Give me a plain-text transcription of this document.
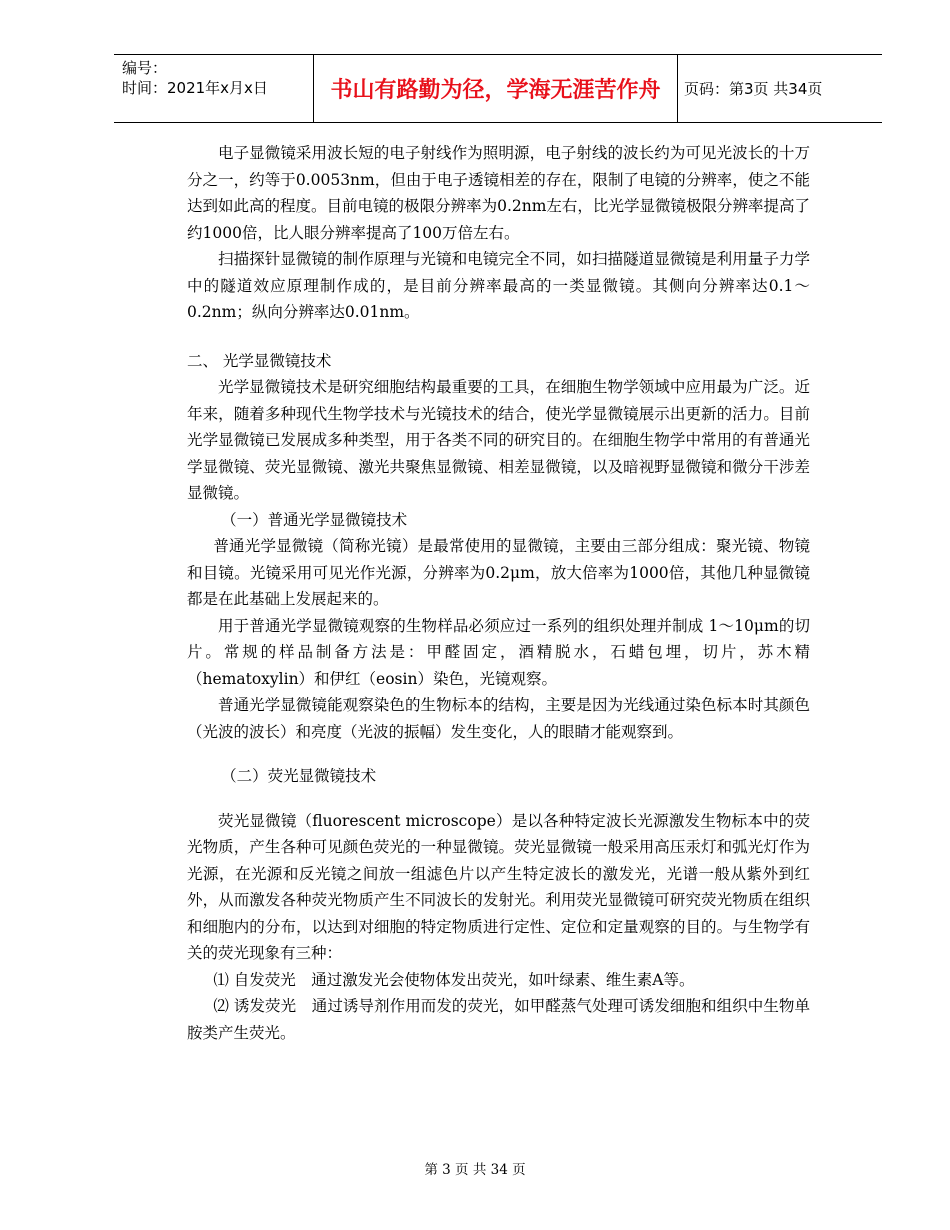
编号：
时间：2021年x月x日	书山有路勤为径，学海无涯苦作舟	页码：第3页 共34页

电子显微镜采用波长短的电子射线作为照明源，电子射线的波长约为可见光波长的十万分之一，约等于0.0053nm，但由于电子透镜相差的存在，限制了电镜的分辨率，使之不能达到如此高的程度。目前电镜的极限分辨率为0.2nm左右，比光学显微镜极限分辨率提高了约1000倍，比人眼分辨率提高了100万倍左右。

扫描探针显微镜的制作原理与光镜和电镜完全不同，如扫描隧道显微镜是利用量子力学中的隧道效应原理制作成的，是目前分辨率最高的一类显微镜。其侧向分辨率达0.1～0.2nm；纵向分辨率达0.01nm。

二、 光学显微镜技术

光学显微镜技术是研究细胞结构最重要的工具，在细胞生物学领域中应用最为广泛。近年来，随着多种现代生物学技术与光镜技术的结合，使光学显微镜展示出更新的活力。目前光学显微镜已发展成多种类型，用于各类不同的研究目的。在细胞生物学中常用的有普通光学显微镜、荧光显微镜、激光共聚焦显微镜、相差显微镜，以及暗视野显微镜和微分干涉差显微镜。

（一）普通光学显微镜技术

普通光学显微镜（简称光镜）是最常使用的显微镜，主要由三部分组成：聚光镜、物镜和目镜。光镜采用可见光作光源，分辨率为0.2μm，放大倍率为1000倍，其他几种显微镜都是在此基础上发展起来的。

用于普通光学显微镜观察的生物样品必须应过一系列的组织处理并制成 1～10μm的切片。常规的样品制备方法是：甲醛固定，酒精脱水，石蜡包埋，切片，苏木精（hematoxylin）和伊红（eosin）染色，光镜观察。

普通光学显微镜能观察染色的生物标本的结构，主要是因为光线通过染色标本时其颜色（光波的波长）和亮度（光波的振幅）发生变化，人的眼睛才能观察到。

（二）荧光显微镜技术

荧光显微镜（fluorescent microscope）是以各种特定波长光源激发生物标本中的荧光物质，产生各种可见颜色荧光的一种显微镜。荧光显微镜一般采用高压汞灯和弧光灯作为光源，在光源和反光镜之间放一组滤色片以产生特定波长的激发光，光谱一般从紫外到红外，从而激发各种荧光物质产生不同波长的发射光。利用荧光显微镜可研究荧光物质在组织和细胞内的分布，以达到对细胞的特定物质进行定性、定位和定量观察的目的。与生物学有关的荧光现象有三种：

⑴ 自发荧光　通过激发光会使物体发出荧光，如叶绿素、维生素A等。

⑵ 诱发荧光　通过诱导剂作用而发的荧光，如甲醛蒸气处理可诱发细胞和组织中生物单胺类产生荧光。

第 3 页 共 34 页
